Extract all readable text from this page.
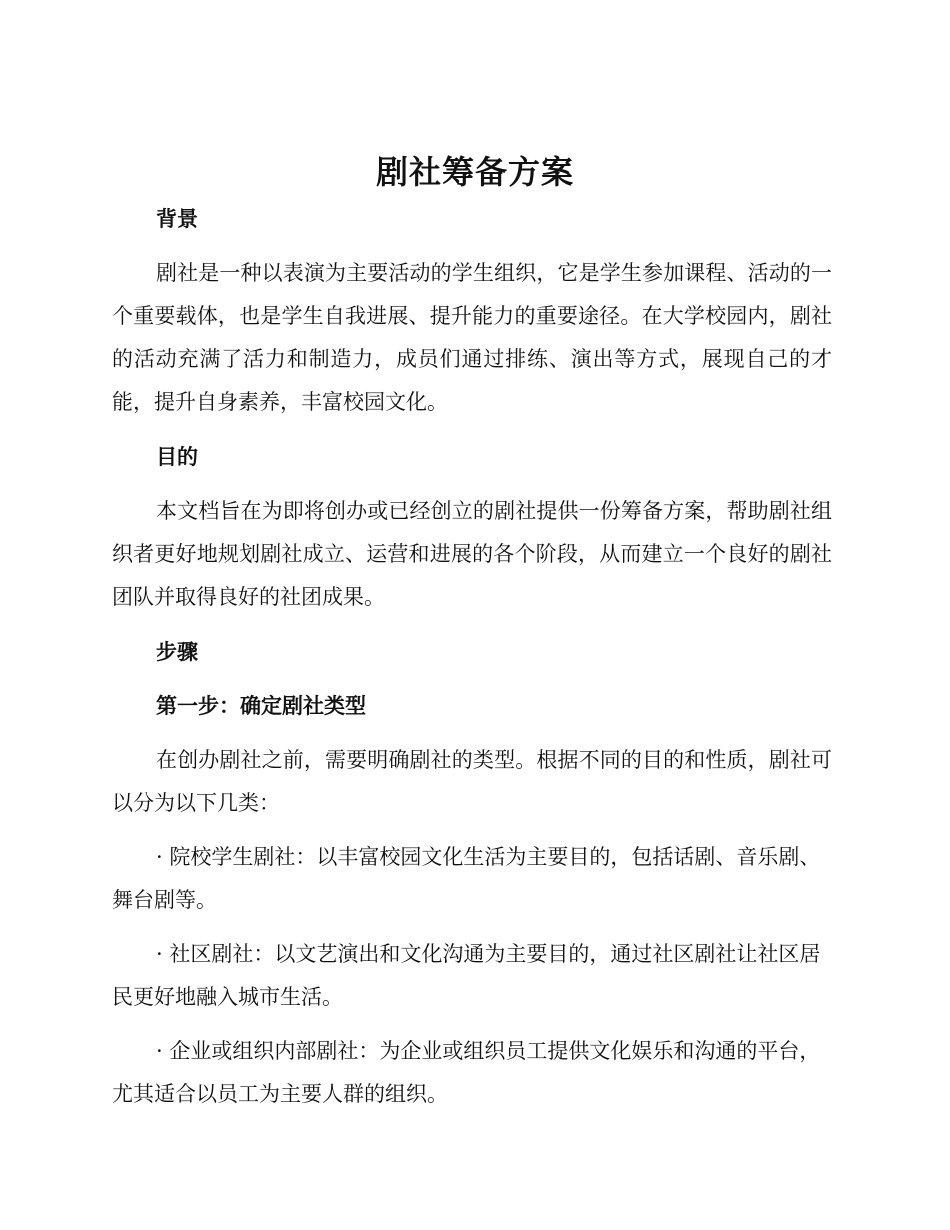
剧社筹备方案
背景

剧社是一种以表演为主要活动的学生组织，它是学生参加课程、活动的一个重要载体，也是学生自我进展、提升能力的重要途径。在大学校园内，剧社的活动充满了活力和制造力，成员们通过排练、演出等方式，展现自己的才能，提升自身素养，丰富校园文化。

目的

本文档旨在为即将创办或已经创立的剧社提供一份筹备方案，帮助剧社组织者更好地规划剧社成立、运营和进展的各个阶段，从而建立一个良好的剧社团队并取得良好的社团成果。

步骤
第一步：确定剧社类型

在创办剧社之前，需要明确剧社的类型。根据不同的目的和性质，剧社可以分为以下几类：

· 院校学生剧社：以丰富校园文化生活为主要目的，包括话剧、音乐剧、舞台剧等。

· 社区剧社：以文艺演出和文化沟通为主要目的，通过社区剧社让社区居民更好地融入城市生活。

· 企业或组织内部剧社：为企业或组织员工提供文化娱乐和沟通的平台，尤其适合以员工为主要人群的组织。
